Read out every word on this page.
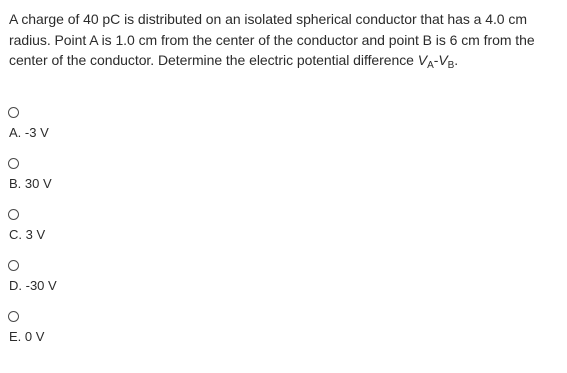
A charge of 40 pC is distributed on an isolated spherical conductor that has a 4.0 cm radius. Point A is 1.0 cm from the center of the conductor and point B is 6 cm from the center of the conductor. Determine the electric potential difference $V_A-V_B$.
A. -3 V
B. 30 V
C. 3 V
D. -30 V
E. 0 V
